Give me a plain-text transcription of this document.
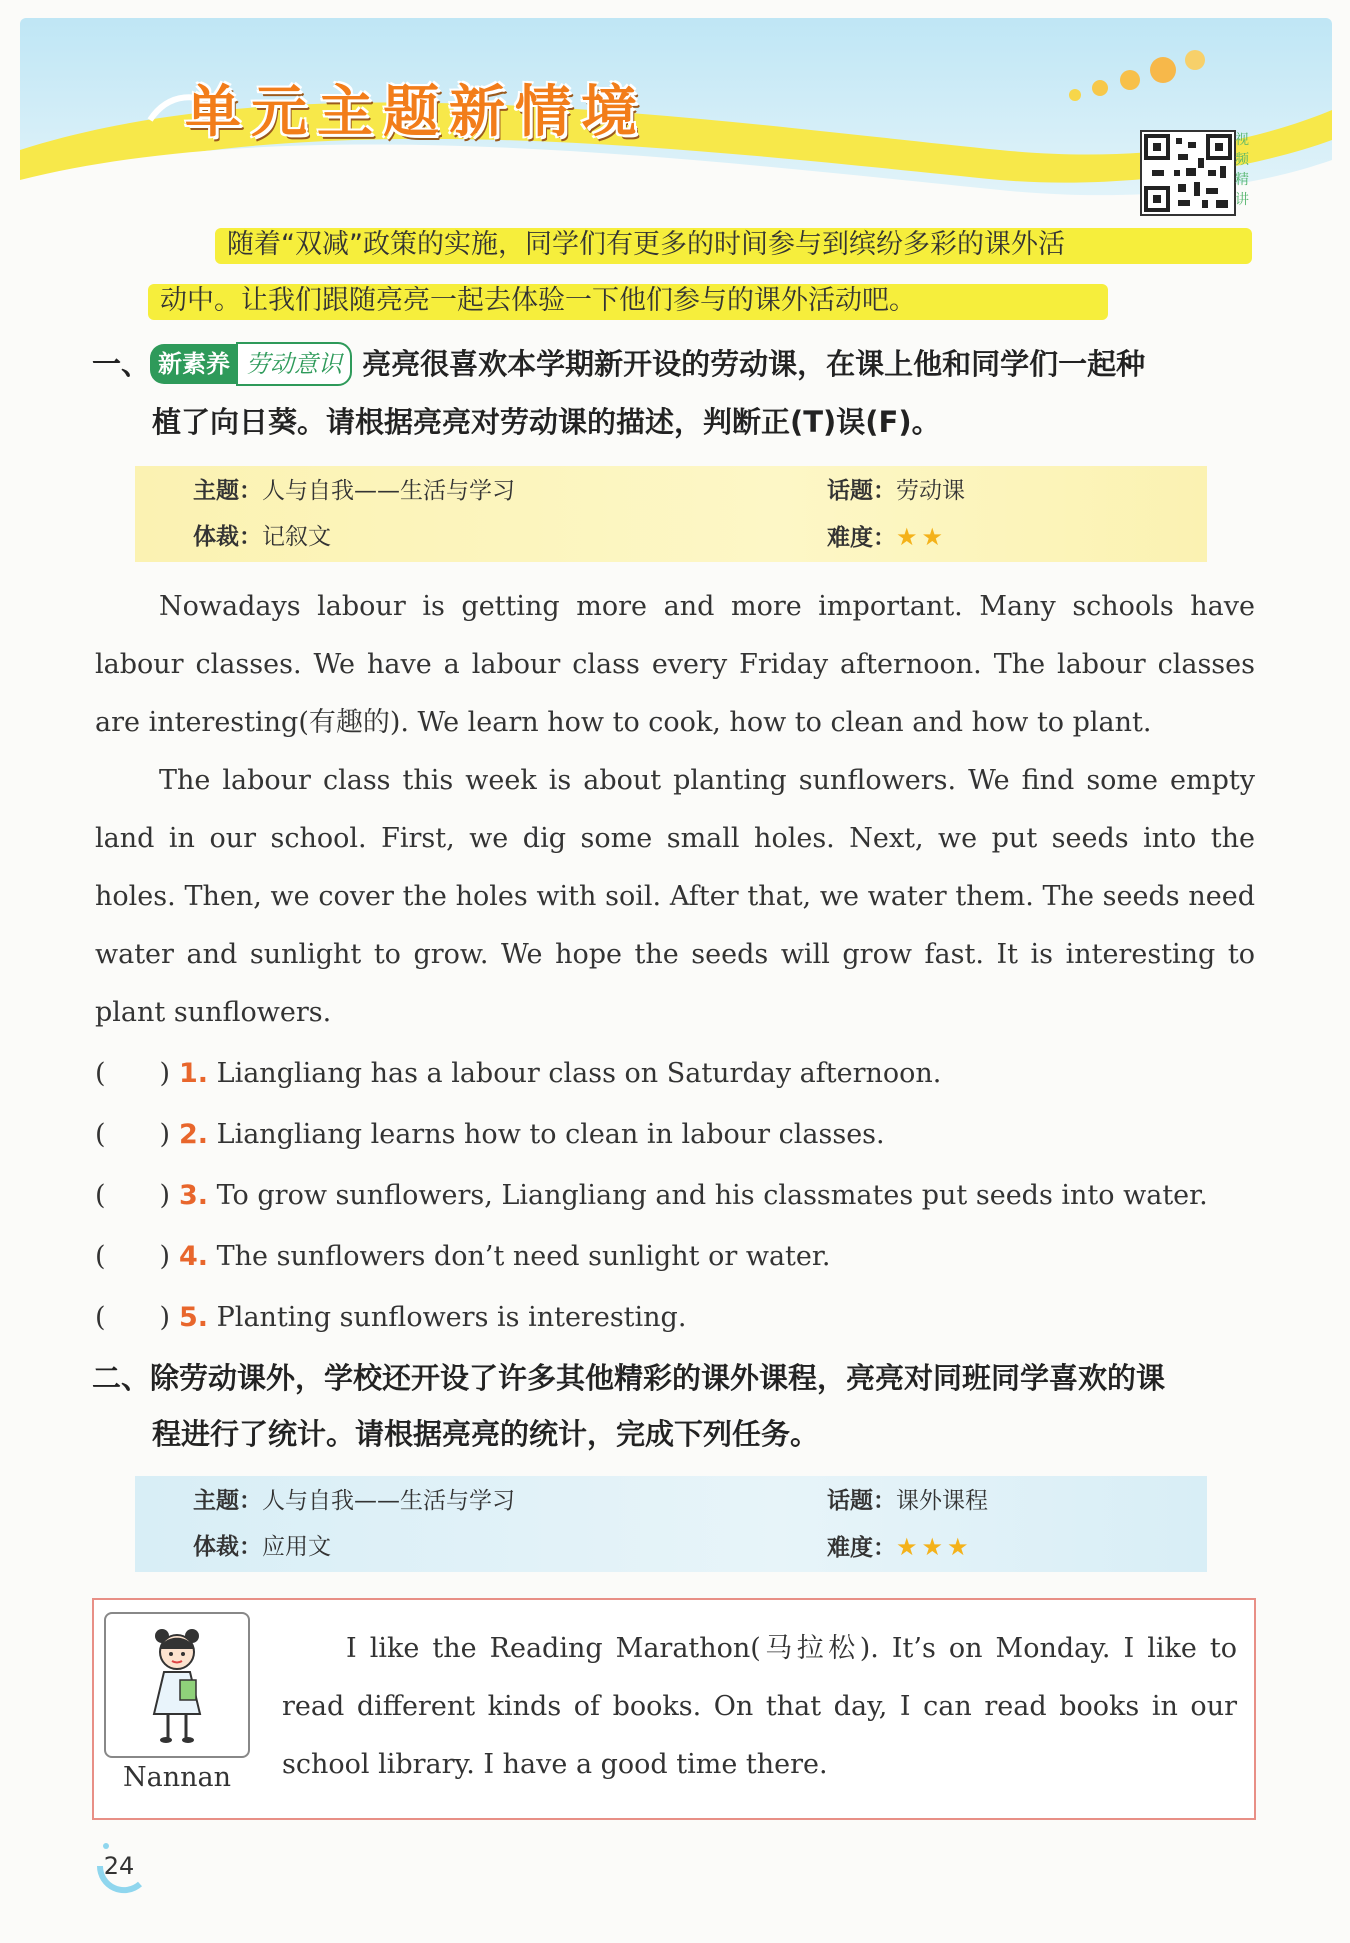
单元主题新情境	视频精讲
随着“双减”政策的实施，同学们有更多的时间参与到缤纷多彩的课外活
动中。让我们跟随亮亮一起去体验一下他们参与的课外活动吧。
一、 新素养 劳动意识 亮亮很喜欢本学期新开设的劳动课，在课上他和同学们一起种
植了向日葵。请根据亮亮对劳动课的描述，判断正(T)误(F)。
主题：人与自我——生活与学习	话题：劳动课
体裁：记叙文	难度：★★

Nowadays labour is getting more and more important. Many schools have labour classes. We have a labour class every Friday afternoon. The labour classes are interesting(有趣的). We learn how to cook, how to clean and how to plant.

The labour class this week is about planting sunflowers. We find some empty land in our school. First, we dig some small holes. Next, we put seeds into the holes. Then, we cover the holes with soil. After that, we water them. The seeds need water and sunlight to grow. We hope the seeds will grow fast. It is interesting to plant sunflowers.

(　　) 1. Liangliang has a labour class on Saturday afternoon.
(　　) 2. Liangliang learns how to clean in labour classes.
(　　) 3. To grow sunflowers, Liangliang and his classmates put seeds into water.
(　　) 4. The sunflowers don’t need sunlight or water.
(　　) 5. Planting sunflowers is interesting.
二、除劳动课外，学校还开设了许多其他精彩的课外课程，亮亮对同班同学喜欢的课
程进行了统计。请根据亮亮的统计，完成下列任务。
主题：人与自我——生活与学习	话题：课外课程
体裁：应用文	难度：★★★
Nannan

I like the Reading Marathon(马拉松). It’s on Monday. I like to read different kinds of books. On that day, I can read books in our school library. I have a good time there.

24
